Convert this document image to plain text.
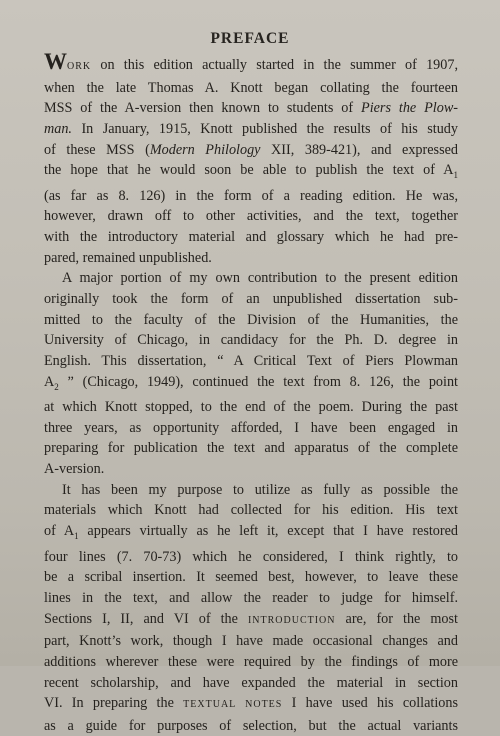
PREFACE
WORK on this edition actually started in the summer of 1907,
when the late Thomas A. Knott began collating the fourteen
MSS of the A-version then known to students of Piers the Plow-
man. In January, 1915, Knott published the results of his study
of these MSS (Modern Philology XII, 389-421), and expressed
the hope that he would soon be able to publish the text of $A_1$
(as far as 8. 126) in the form of a reading edition. He was,
however, drawn off to other activities, and the text, together
with the introductory material and glossary which he had pre-
pared, remained unpublished.
A major portion of my own contribution to the present edition
originally took the form of an unpublished dissertation sub-
mitted to the faculty of the Division of the Humanities, the
University of Chicago, in candidacy for the Ph. D. degree in
English. This dissertation, “ A Critical Text of Piers Plowman
$A_2$ ” (Chicago, 1949), continued the text from 8. 126, the point
at which Knott stopped, to the end of the poem. During the past
three years, as opportunity afforded, I have been engaged in
preparing for publication the text and apparatus of the complete
A-version.
It has been my purpose to utilize as fully as possible the
materials which Knott had collected for his edition. His text
of $A_1$ appears virtually as he left it, except that I have restored
four lines (7. 70-73) which he considered, I think rightly, to
be a scribal insertion. It seemed best, however, to leave these
lines in the text, and allow the reader to judge for himself.
Sections I, II, and VI of the INTRODUCTION are, for the most
part, Knott’s work, though I have made occasional changes and
additions wherever these were required by the findings of more
recent scholarship, and have expanded the material in section
VI. In preparing the TEXTUAL NOTES I have used his collations
as a guide for purposes of selection, but the actual variants
